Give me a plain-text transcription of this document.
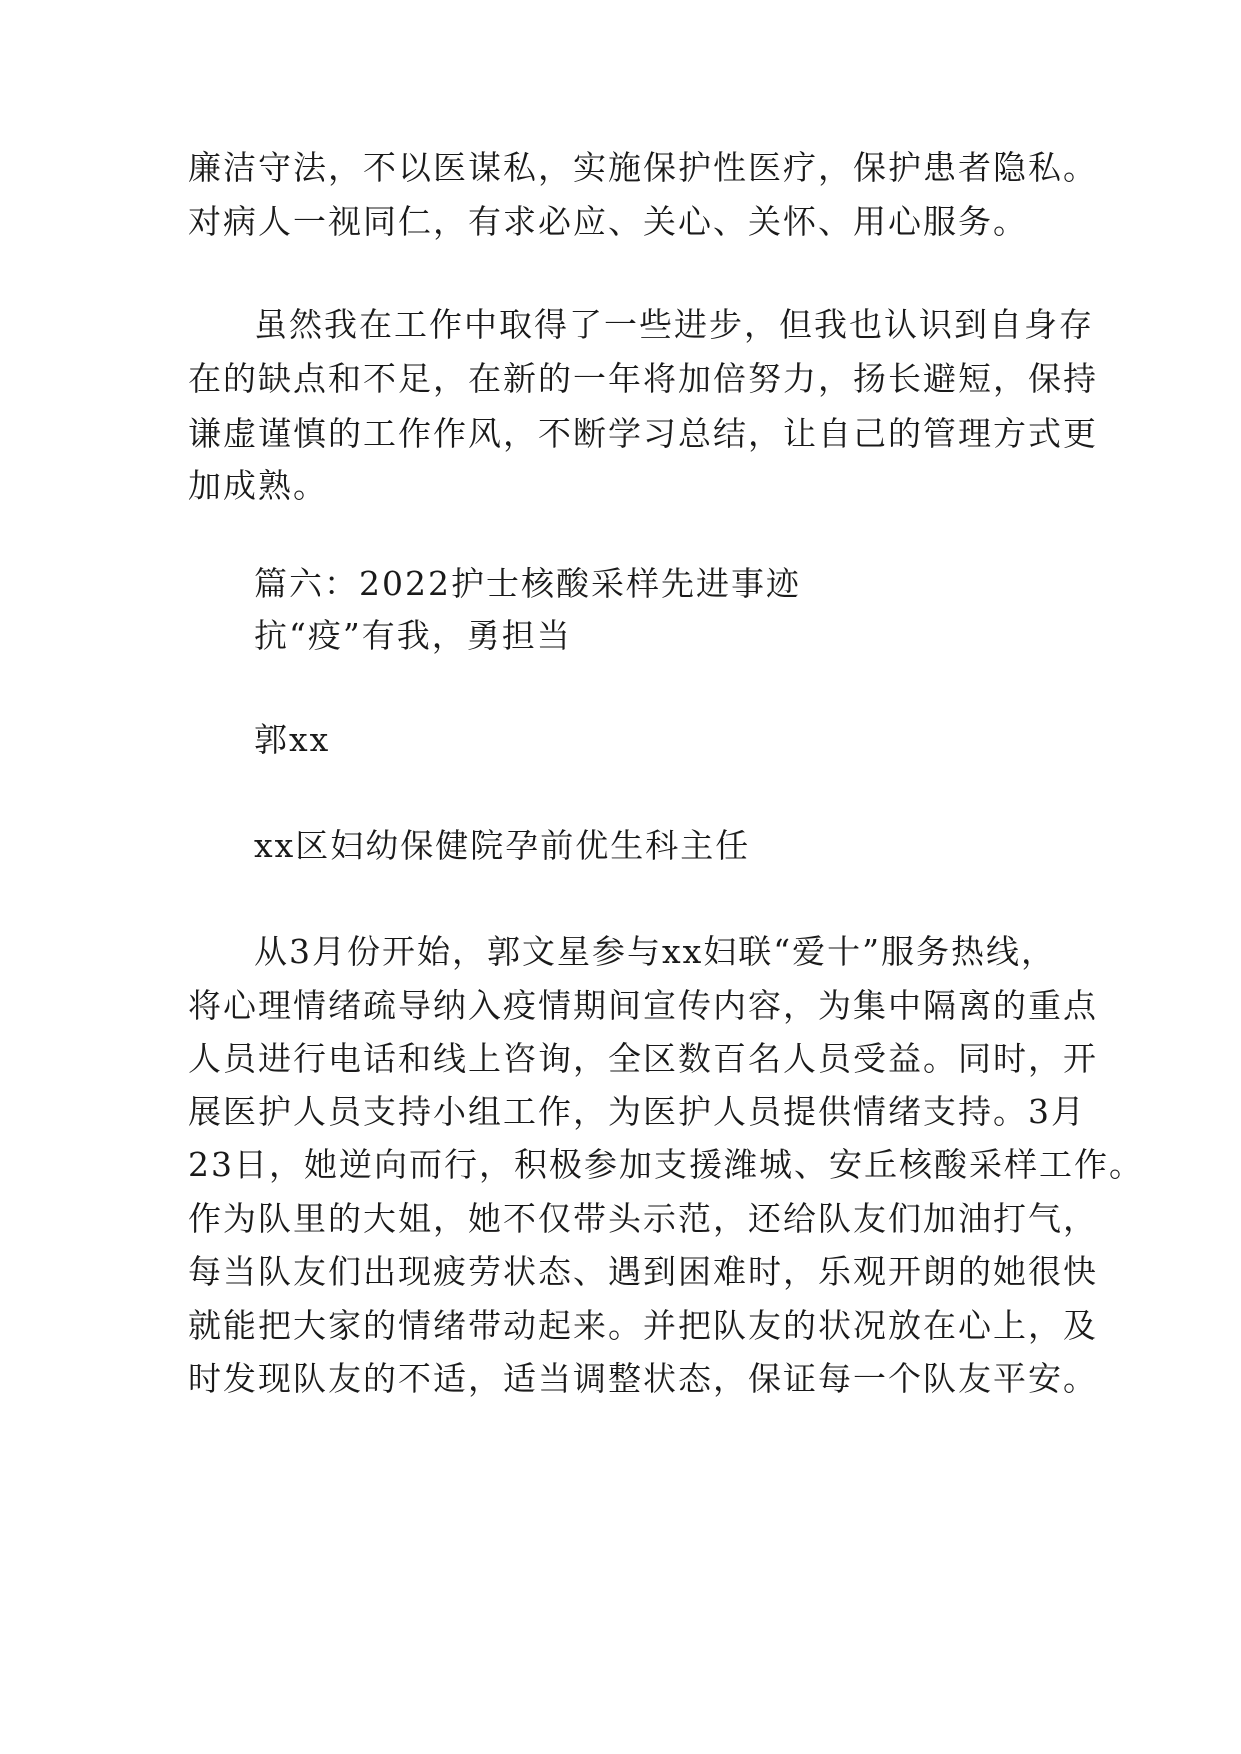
廉洁守法，不以医谋私，实施保护性医疗，保护患者隐私。
对病人一视同仁，有求必应、关心、关怀、用心服务。
虽然我在工作中取得了一些进步，但我也认识到自身存
在的缺点和不足，在新的一年将加倍努力，扬长避短，保持
谦虚谨慎的工作作风，不断学习总结，让自己的管理方式更
加成熟。
篇六：2022护士核酸采样先进事迹
抗“疫”有我，勇担当
郭xx
xx区妇幼保健院孕前优生科主任
从3月份开始，郭文星参与xx妇联“爱十”服务热线，
将心理情绪疏导纳入疫情期间宣传内容，为集中隔离的重点
人员进行电话和线上咨询，全区数百名人员受益。同时，开
展医护人员支持小组工作，为医护人员提供情绪支持。3月
23日，她逆向而行，积极参加支援潍城、安丘核酸采样工作。
作为队里的大姐，她不仅带头示范，还给队友们加油打气，
每当队友们出现疲劳状态、遇到困难时，乐观开朗的她很快
就能把大家的情绪带动起来。并把队友的状况放在心上，及
时发现队友的不适，适当调整状态，保证每一个队友平安。
